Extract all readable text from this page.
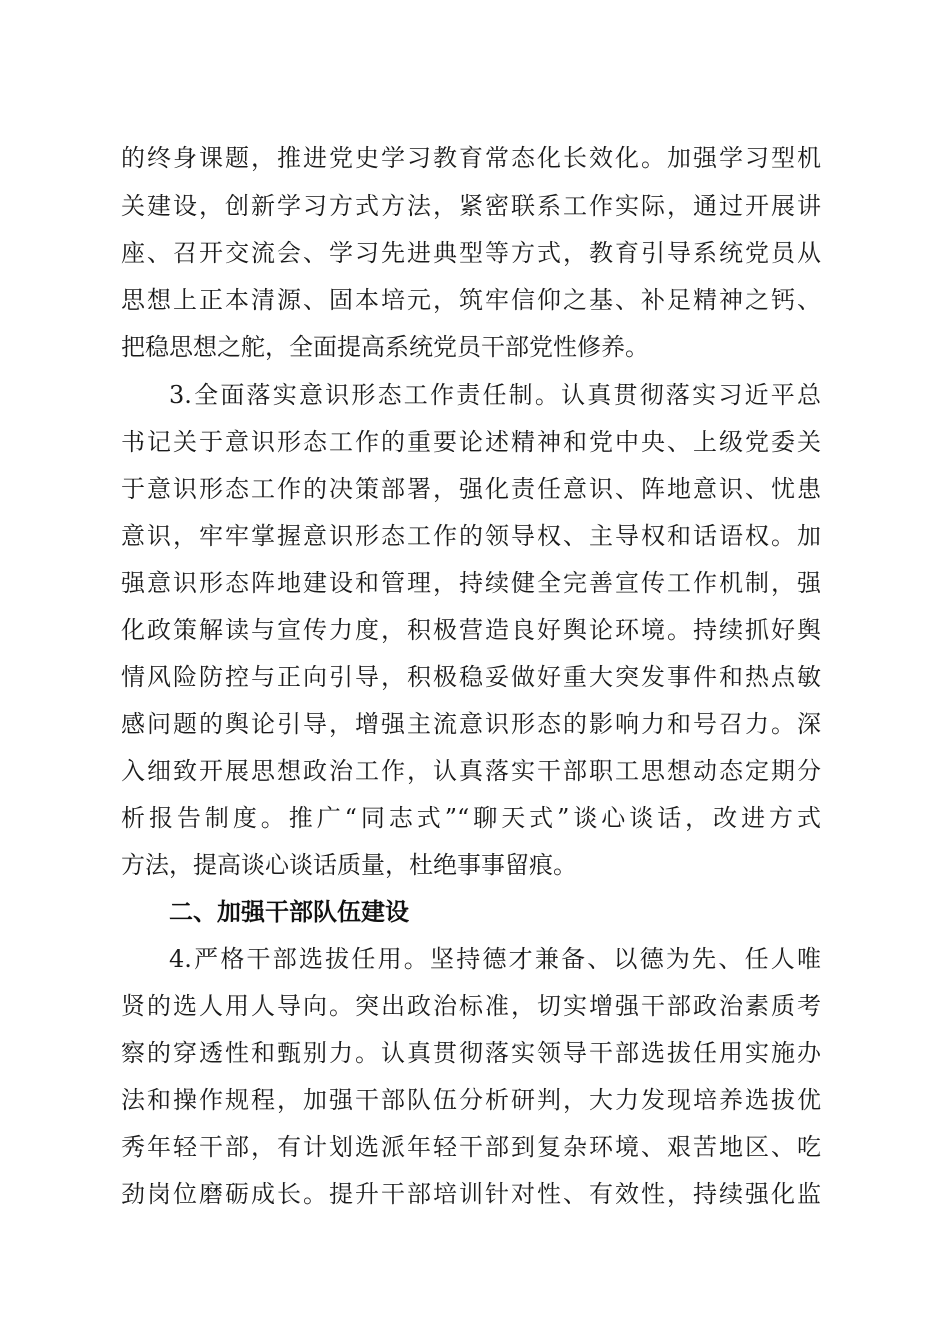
的终身课题，推进党史学习教育常态化长效化。加强学习型机
关建设，创新学习方式方法，紧密联系工作实际，通过开展讲
座、召开交流会、学习先进典型等方式，教育引导系统党员从
思想上正本清源、固本培元，筑牢信仰之基、补足精神之钙、
把稳思想之舵，全面提高系统党员干部党性修养。
3.全面落实意识形态工作责任制。认真贯彻落实习近平总
书记关于意识形态工作的重要论述精神和党中央、上级党委关
于意识形态工作的决策部署，强化责任意识、阵地意识、忧患
意识，牢牢掌握意识形态工作的领导权、主导权和话语权。加
强意识形态阵地建设和管理，持续健全完善宣传工作机制，强
化政策解读与宣传力度，积极营造良好舆论环境。持续抓好舆
情风险防控与正向引导，积极稳妥做好重大突发事件和热点敏
感问题的舆论引导，增强主流意识形态的影响力和号召力。深
入细致开展思想政治工作，认真落实干部职工思想动态定期分
析报告制度。推广“同志式”“聊天式”谈心谈话，改进方式
方法，提高谈心谈话质量，杜绝事事留痕。
二、加强干部队伍建设
4.严格干部选拔任用。坚持德才兼备、以德为先、任人唯
贤的选人用人导向。突出政治标准，切实增强干部政治素质考
察的穿透性和甄别力。认真贯彻落实领导干部选拔任用实施办
法和操作规程，加强干部队伍分析研判，大力发现培养选拔优
秀年轻干部，有计划选派年轻干部到复杂环境、艰苦地区、吃
劲岗位磨砺成长。提升干部培训针对性、有效性，持续强化监
